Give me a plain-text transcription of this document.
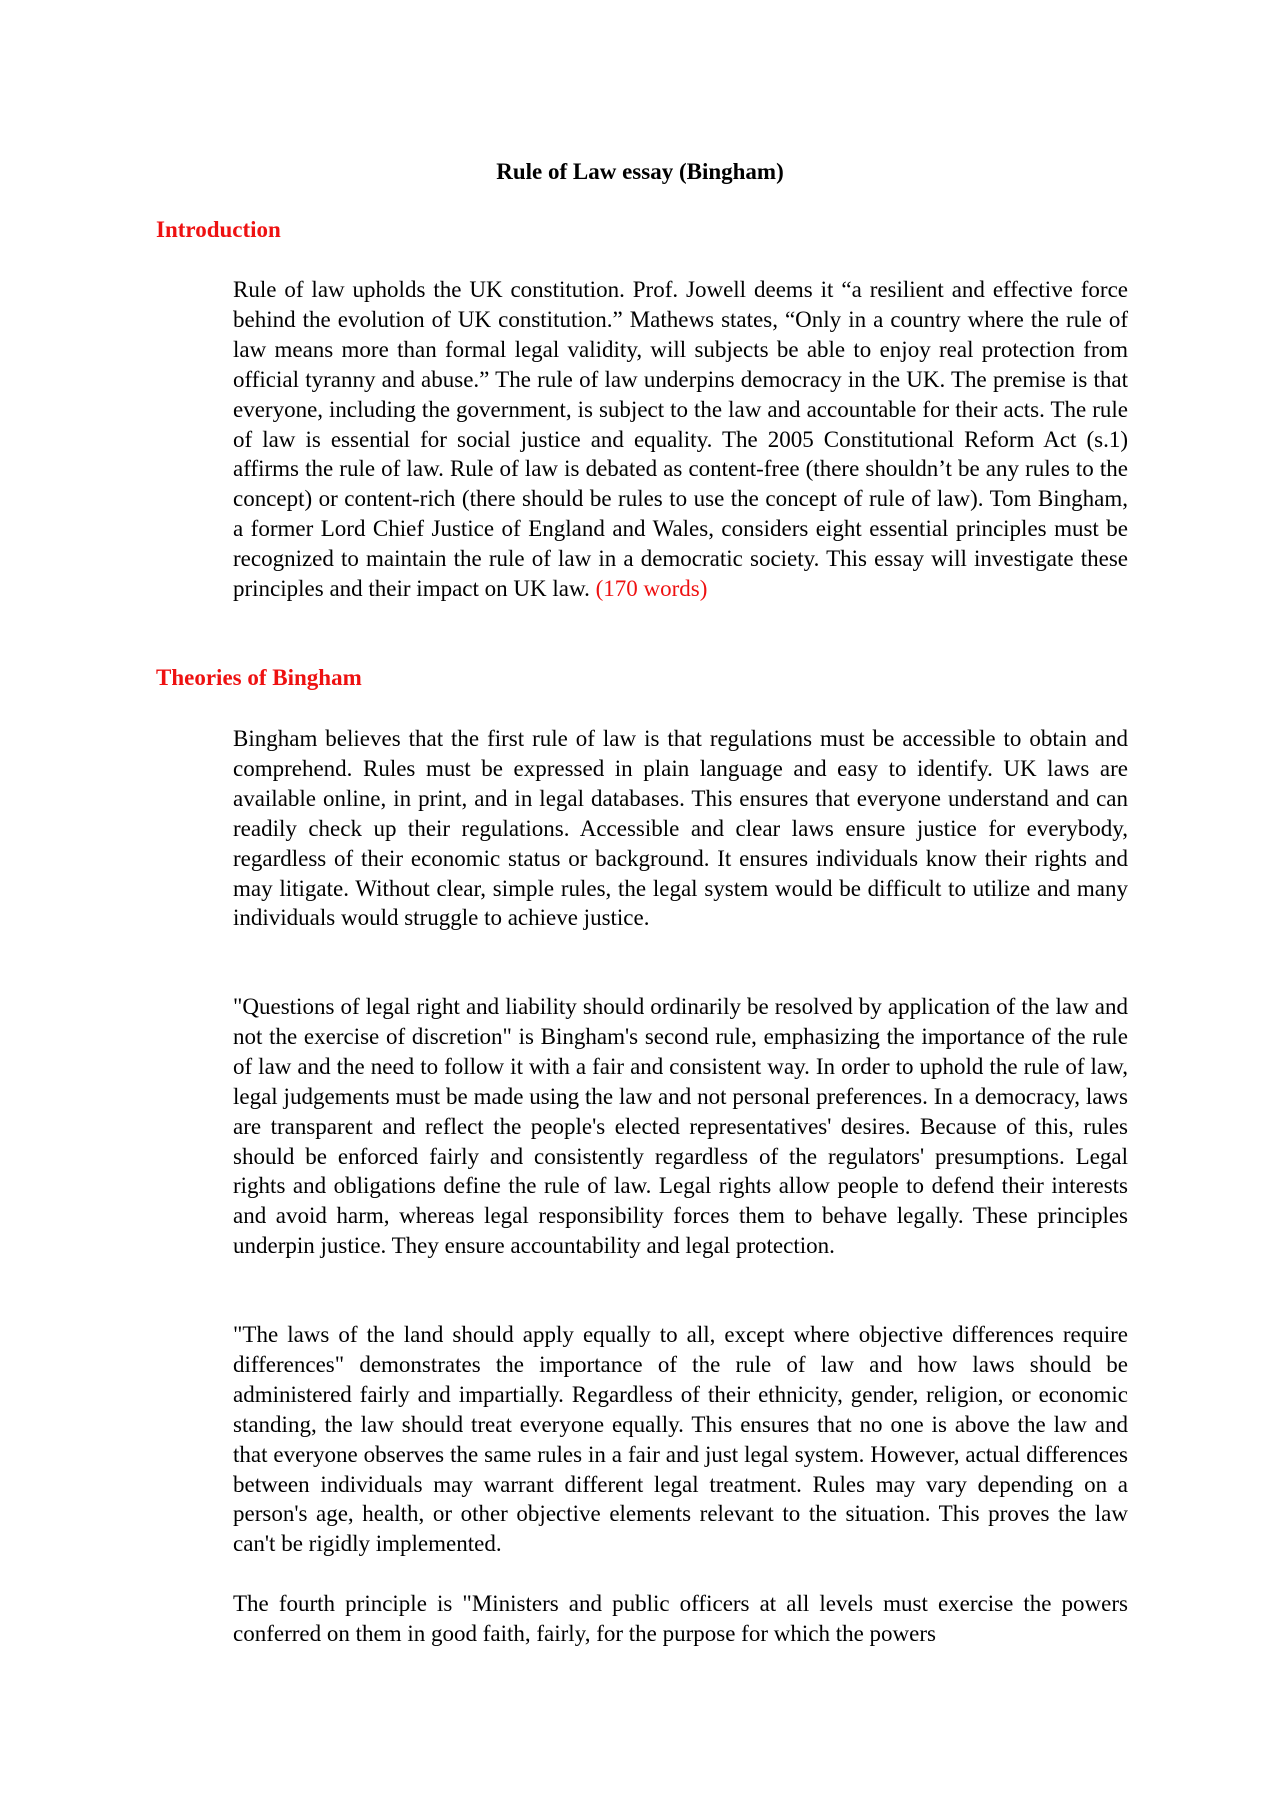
Rule of Law essay (Bingham)
Introduction

Rule of law upholds the UK constitution. Prof. Jowell deems it “a resilient and effective force behind the evolution of UK constitution.” Mathews states, “Only in a country where the rule of law means more than formal legal validity, will subjects be able to enjoy real protection from official tyranny and abuse.” The rule of law underpins democracy in the UK. The premise is that everyone, including the government, is subject to the law and accountable for their acts. The rule of law is essential for social justice and equality. The 2005 Constitutional Reform Act (s.1) affirms the rule of law. Rule of law is debated as content-free (there shouldn’t be any rules to the concept) or content-rich (there should be rules to use the concept of rule of law). Tom Bingham, a former Lord Chief Justice of England and Wales, considers eight essential principles must be recognized to maintain the rule of law in a democratic society. This essay will investigate these principles and their impact on UK law. (170 words)

Theories of Bingham

Bingham believes that the first rule of law is that regulations must be accessible to obtain and comprehend. Rules must be expressed in plain language and easy to identify. UK laws are available online, in print, and in legal databases. This ensures that everyone understand and can readily check up their regulations. Accessible and clear laws ensure justice for everybody, regardless of their economic status or background. It ensures individuals know their rights and may litigate. Without clear, simple rules, the legal system would be difficult to utilize and many individuals would struggle to achieve justice.

"Questions of legal right and liability should ordinarily be resolved by application of the law and not the exercise of discretion" is Bingham's second rule, emphasizing the importance of the rule of law and the need to follow it with a fair and consistent way. In order to uphold the rule of law, legal judgements must be made using the law and not personal preferences. In a democracy, laws are transparent and reflect the people's elected representatives' desires. Because of this, rules should be enforced fairly and consistently regardless of the regulators' presumptions. Legal rights and obligations define the rule of law. Legal rights allow people to defend their interests and avoid harm, whereas legal responsibility forces them to behave legally. These principles underpin justice. They ensure accountability and legal protection.

"The laws of the land should apply equally to all, except where objective differences require differences" demonstrates the importance of the rule of law and how laws should be administered fairly and impartially. Regardless of their ethnicity, gender, religion, or economic standing, the law should treat everyone equally. This ensures that no one is above the law and that everyone observes the same rules in a fair and just legal system. However, actual differences between individuals may warrant different legal treatment. Rules may vary depending on a person's age, health, or other objective elements relevant to the situation. This proves the law can't be rigidly implemented.

The fourth principle is "Ministers and public officers at all levels must exercise the powers conferred on them in good faith, fairly, for the purpose for which the powers
